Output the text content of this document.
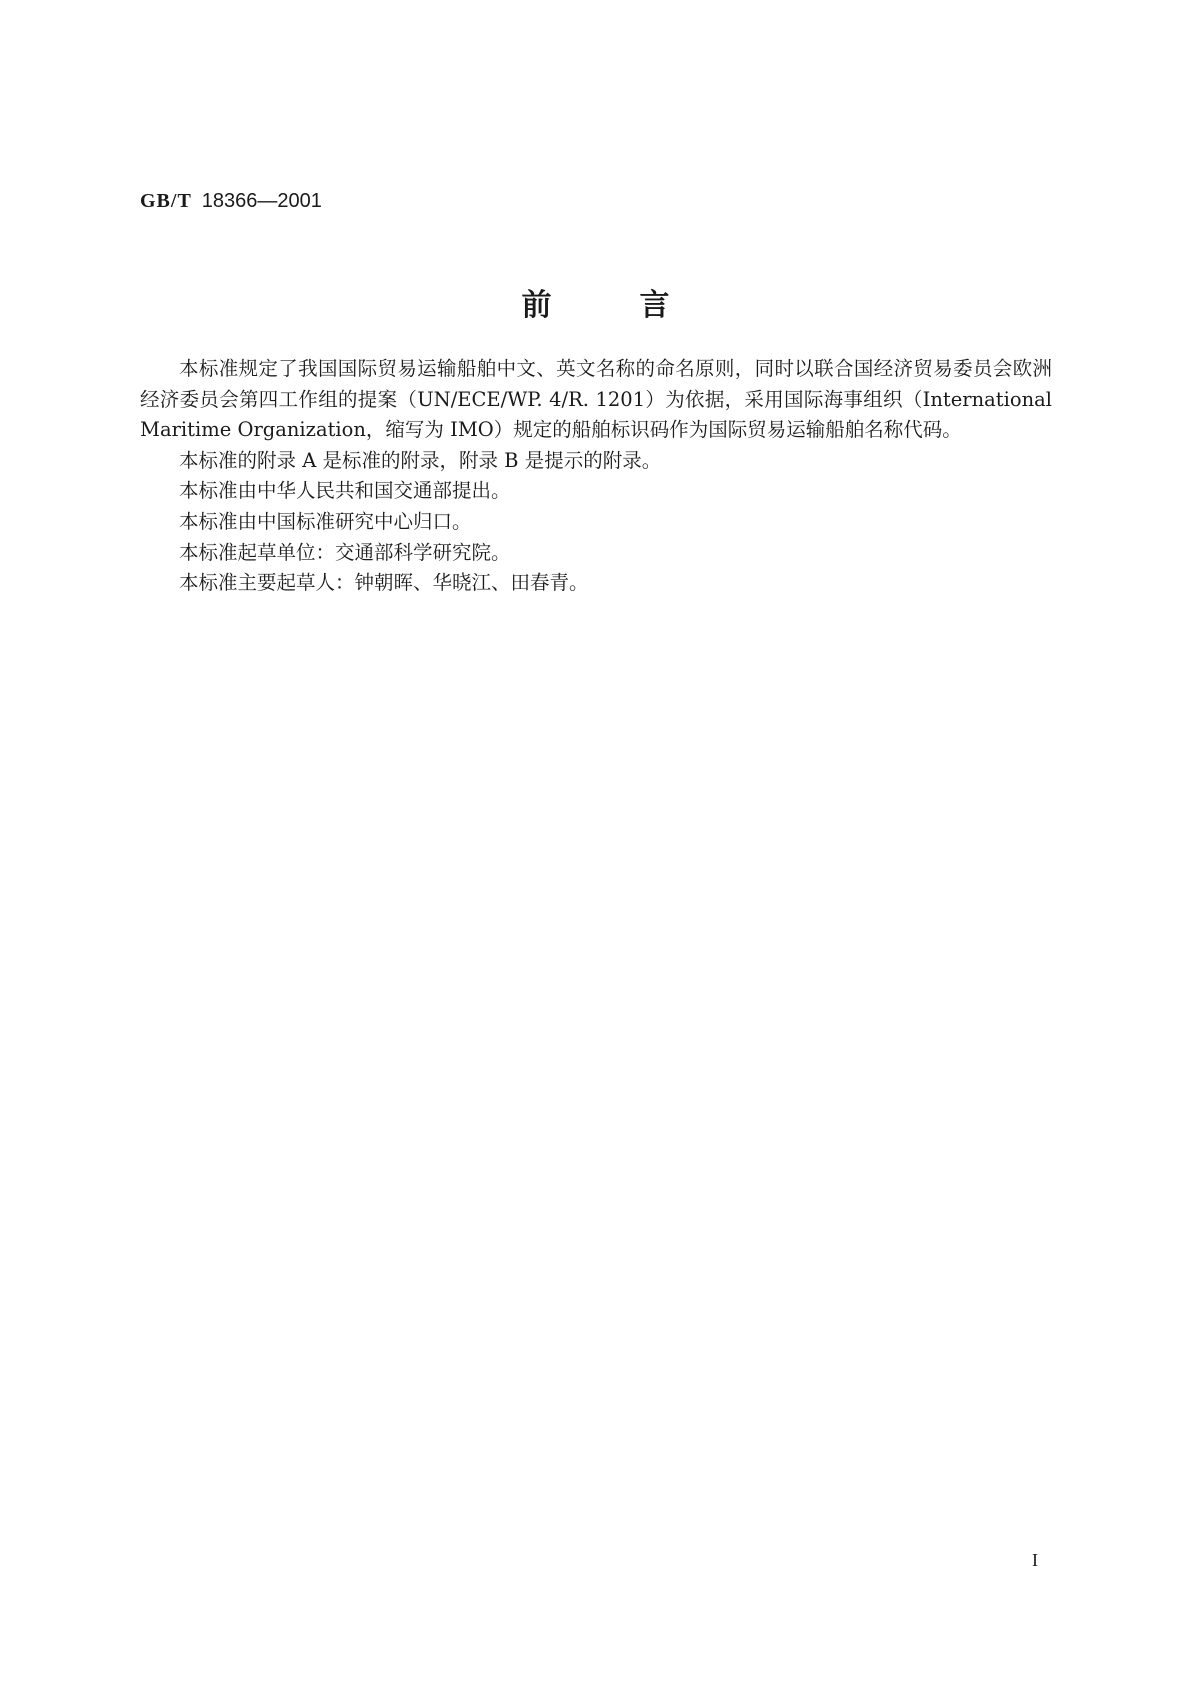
GB/T 18366—2001
前言

本标准规定了我国国际贸易运输船舶中文、英文名称的命名原则，同时以联合国经济贸易委员会欧洲经济委员会第四工作组的提案（UN/ECE/WP. 4/R. 1201）为依据，采用国际海事组织（International Maritime Organization，缩写为 IMO）规定的船舶标识码作为国际贸易运输船舶名称代码。

本标准的附录 A 是标准的附录，附录 B 是提示的附录。

本标准由中华人民共和国交通部提出。

本标准由中国标准研究中心归口。

本标准起草单位：交通部科学研究院。

本标准主要起草人：钟朝晖、华晓江、田春青。

I
